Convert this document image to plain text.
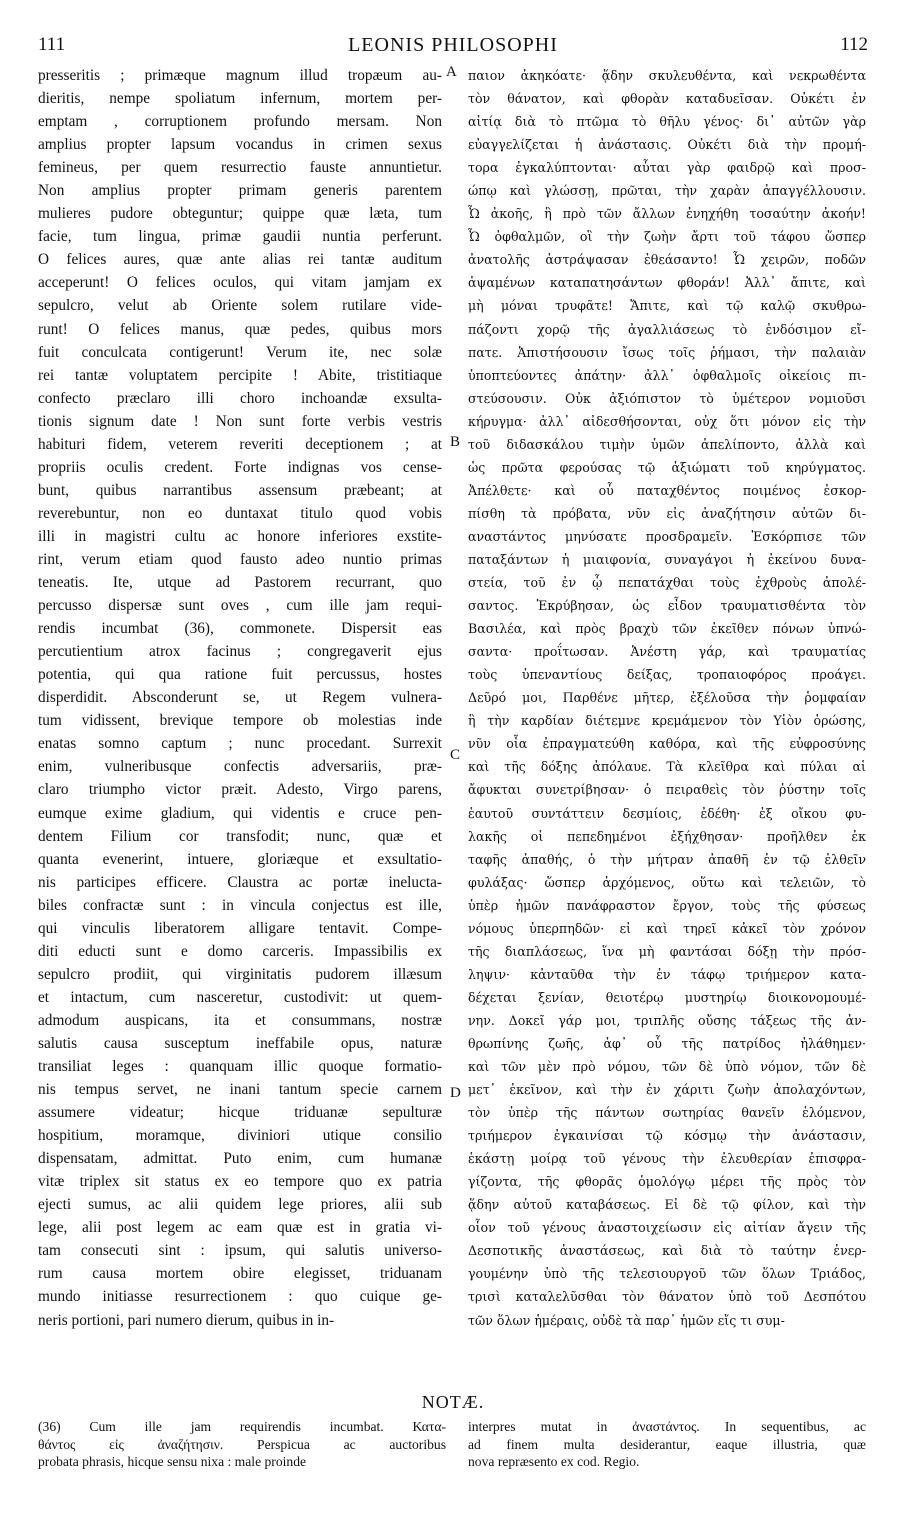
111	LEONIS PHILOSOPHI	112
presseritis ; primæque magnum illud tropæum au-
dieritis, nempe spoliatum infernum, mortem per-
emptam , corruptionem profundo mersam. Non
amplius propter lapsum vocandus in crimen sexus
femineus, per quem resurrectio fauste annuntietur.
Non amplius propter primam generis parentem
mulieres pudore obteguntur; quippe quæ læta, tum
facie, tum lingua, primæ gaudii nuntia perferunt.
O felices aures, quæ ante alias rei tantæ auditum
acceperunt! O felices oculos, qui vitam jamjam ex
sepulcro, velut ab Oriente solem rutilare vide-
runt! O felices manus, quæ pedes, quibus mors
fuit conculcata contigerunt! Verum ite, nec solæ
rei tantæ voluptatem percipite ! Abite, tristitiaque
confecto præclaro illi choro inchoandæ exsulta-
tionis signum date ! Non sunt forte verbis vestris
habituri fidem, veterem reveriti deceptionem ; at
propriis oculis credent. Forte indignas vos cense-
bunt, quibus narrantibus assensum præbeant; at
reverebuntur, non eo duntaxat titulo quod vobis
illi in magistri cultu ac honore inferiores exstite-
rint, verum etiam quod fausto adeo nuntio primas
teneatis. Ite, utque ad Pastorem recurrant, quo
percusso dispersæ sunt oves , cum ille jam requi-
rendis incumbat (36), commonete. Dispersit eas
percutientium atrox facinus ; congregaverit ejus
potentia, qui qua ratione fuit percussus, hostes
disperdidit. Absconderunt se, ut Regem vulnera-
tum vidissent, brevique tempore ob molestias inde
enatas somno captum ; nunc procedant. Surrexit
enim, vulneribusque confectis adversariis, præ-
claro triumpho victor præit. Adesto, Virgo parens,
eumque exime gladium, qui videntis e cruce pen-
dentem Filium cor transfodit; nunc, quæ et
quanta evenerint, intuere, gloriæque et exsultatio-
nis participes efficere. Claustra ac portæ ineluctа-
biles confractæ sunt : in vincula conjectus est ille,
qui vinculis liberatorem alligare tentavit. Compe-
diti educti sunt e domo carceris. Impassibilis ex
sepulcro prodiit, qui virginitatis pudorem illæsum
et intactum, cum nasceretur, custodivit: ut quem-
admodum auspicans, ita et consummans, nostræ
salutis causa susceptum ineffabile opus, naturæ
transiliat leges : quanquam illic quoque formatio-
nis tempus servet, ne inani tantum specie carnem
assumere videatur; hicque triduanæ sepulturæ
hospitium, moramque, diviniori utique consilio
dispensatam, admittat. Puto enim, cum humanæ
vitæ triplex sit status ex eo tempore quo ex patria
ejecti sumus, ac alii quidem lege priores, alii sub
lege, alii post legem ac eam quæ est in gratia vi-
tam consecuti sint : ipsum, qui salutis universo-
rum causa mortem obire elegisset, triduanam
mundo initiasse resurrectionem : quo cuique ge-
neris portioni, pari numero dierum, quibus in in-
A
B
C
D
παιον ἀκηκόατε· ᾅδην σκυλευθέντα, καὶ νεκρωθέντα
τὸν θάνατον, καὶ φθορὰν καταδυεῖσαν. Οὐκέτι ἐν
αἰτίᾳ διὰ τὸ πτῶμα τὸ θῆλυ γένος· δι᾽ αὐτῶν γὰρ
εὐαγγελίζεται ἡ ἀνάστασις. Οὐκέτι διὰ τὴν προμή-
τορα ἐγκαλύπτονται· αὗται γὰρ φαιδρῷ καὶ προσ-
ώπῳ καὶ γλώσσῃ, πρῶται, τὴν χαρὰν ἀπαγγέλλουσιν.
Ὦ ἀκοῆς, ἣ πρὸ τῶν ἄλλων ἐνηχήθη τοσαύτην ἀκοήν!
Ὦ ὀφθαλμῶν, οἳ τὴν ζωὴν ἄρτι τοῦ τάφου ὥσπερ
ἀνατολῆς ἀστράψασαν ἐθεάσαντο! Ὦ χειρῶν, ποδῶν
ἁψαμένων καταπατησάντων φθοράν! Ἀλλ᾽ ἄπιτε, καὶ
μὴ μόναι τρυφᾶτε! Ἄπιτε, καὶ τῷ καλῷ σκυθρω-
πάζοντι χορῷ τῆς ἀγαλλιάσεως τὸ ἐνδόσιμον εἴ-
πατε. Ἀπιστήσουσιν ἴσως τοῖς ῥήμασι, τὴν παλαιὰν
ὑποπτεύοντες ἀπάτην· ἀλλ᾽ ὀφθαλμοῖς οἰκείοις πι-
στεύσουσιν. Οὐκ ἀξιόπιστον τὸ ὑμέτερον νομιοῦσι
κήρυγμα· ἀλλ᾽ αἰδεσθήσονται, οὐχ ὅτι μόνον εἰς τὴν
τοῦ διδασκάλου τιμὴν ὑμῶν ἀπελίποντο, ἀλλὰ καὶ
ὡς πρῶτα φερούσας τῷ ἀξιώματι τοῦ κηρύγματος.
Ἀπέλθετε· καὶ οὗ παταχθέντος ποιμένος ἐσκορ-
πίσθη τὰ πρόβατα, νῦν εἰς ἀναζήτησιν αὐτῶν δι-
αναστάντος μηνύσατε προσδραμεῖν. Ἐσκόρπισε τῶν
παταξάντων ἡ μιαιφονία, συναγάγοι ἡ ἐκείνου δυνα-
στεία, τοῦ ἐν ᾧ πεπατάχθαι τοὺς ἐχθροὺς ἀπολέ-
σαντος. Ἐκρύβησαν, ὡς εἶδον τραυματισθέντα τὸν
Βασιλέα, καὶ πρὸς βραχὺ τῶν ἐκεῖθεν πόνων ὑπνώ-
σαντα· προΐτωσαν. Ἀνέστη γάρ, καὶ τραυματίας
τοὺς ὑπεναντίους δείξας, τροπαιοφόρος προάγει.
Δεῦρό μοι, Παρθένε μῆτερ, ἐξέλοῦσα τὴν ῥομφαίαν
ἣ τὴν καρδίαν διέτεμνε κρεμάμενον τὸν Υἱὸν ὁρώσης,
νῦν οἷα ἐπραγματεύθη καθόρα, καὶ τῆς εὐφροσύνης
καὶ τῆς δόξης ἀπόλαυε. Τὰ κλεῖθρα καὶ πύλαι αἱ
ἄφυκται συνετρίβησαν· ὁ πειραθεὶς τὸν ῥύστην τοῖς
ἑαυτοῦ συντάττειν δεσμίοις, ἐδέθη· ἐξ οἴκου φυ-
λακῆς οἱ πεπεδημένοι ἐξήχθησαν· προῆλθεν ἐκ
ταφῆς ἀπαθής, ὁ τὴν μήτραν ἀπαθῆ ἐν τῷ ἐλθεῖν
φυλάξας· ὥσπερ ἀρχόμενος, οὕτω καὶ τελειῶν, τὸ
ὑπὲρ ἡμῶν πανάφραστον ἔργον, τοὺς τῆς φύσεως
νόμους ὑπερπηδῶν· εἰ καὶ τηρεῖ κἀκεῖ τὸν χρόνον
τῆς διαπλάσεως, ἵνα μὴ φαντάσαι δόξῃ τὴν πρόσ-
ληψιν· κἀνταῦθα τὴν ἐν τάφῳ τριήμερον κατα-
δέχεται ξενίαν, θειοτέρῳ μυστηρίῳ διοικονομουμέ-
νην. Δοκεῖ γάρ μοι, τριπλῆς οὔσης τάξεως τῆς ἀν-
θρωπίνης ζωῆς, ἀφ᾽ οὗ τῆς πατρίδος ἠλάθημεν·
καὶ τῶν μὲν πρὸ νόμου, τῶν δὲ ὑπὸ νόμον, τῶν δὲ
μετ᾽ ἐκεῖνον, καὶ τὴν ἐν χάριτι ζωὴν ἀπολαχόντων,
τὸν ὑπὲρ τῆς πάντων σωτηρίας θανεῖν ἑλόμενον,
τριήμερον ἐγκαινίσαι τῷ κόσμῳ τὴν ἀνάστασιν,
ἑκάστῃ μοίρᾳ τοῦ γένους τὴν ἐλευθερίαν ἐπισφρα-
γίζοντα, τῆς φθορᾶς ὁμολόγῳ μέρει τῆς πρὸς τὸν
ᾅδην αὐτοῦ καταβάσεως. Εἰ δὲ τῷ φίλον, καὶ τὴν
οἷον τοῦ γένους ἀναστοιχείωσιν εἰς αἰτίαν ἄγειν τῆς
Δεσποτικῆς ἀναστάσεως, καὶ διὰ τὸ ταύτην ἐνερ-
γουμένην ὑπὸ τῆς τελεσιουργοῦ τῶν ὅλων Τριάδος,
τρισὶ καταλελῦσθαι τὸν θάνατον ὑπὸ τοῦ Δεσπότου
τῶν ὅλων ἡμέραις, οὐδὲ τὰ παρ᾽ ἡμῶν εἴς τι συμ-
NOTÆ.
(36) Cum ille jam requirendis incumbat. Κατα-
θάντος εἰς ἀναζήτησιν. Perspicua ac auctoribus
probata phrasis, hicque sensu nixa : male proinde
interpres mutat in ἀναστάντος. In sequentibus, ac
ad finem multa desiderantur, eaque illustria, quæ
nova repræsento ex cod. Regio.
